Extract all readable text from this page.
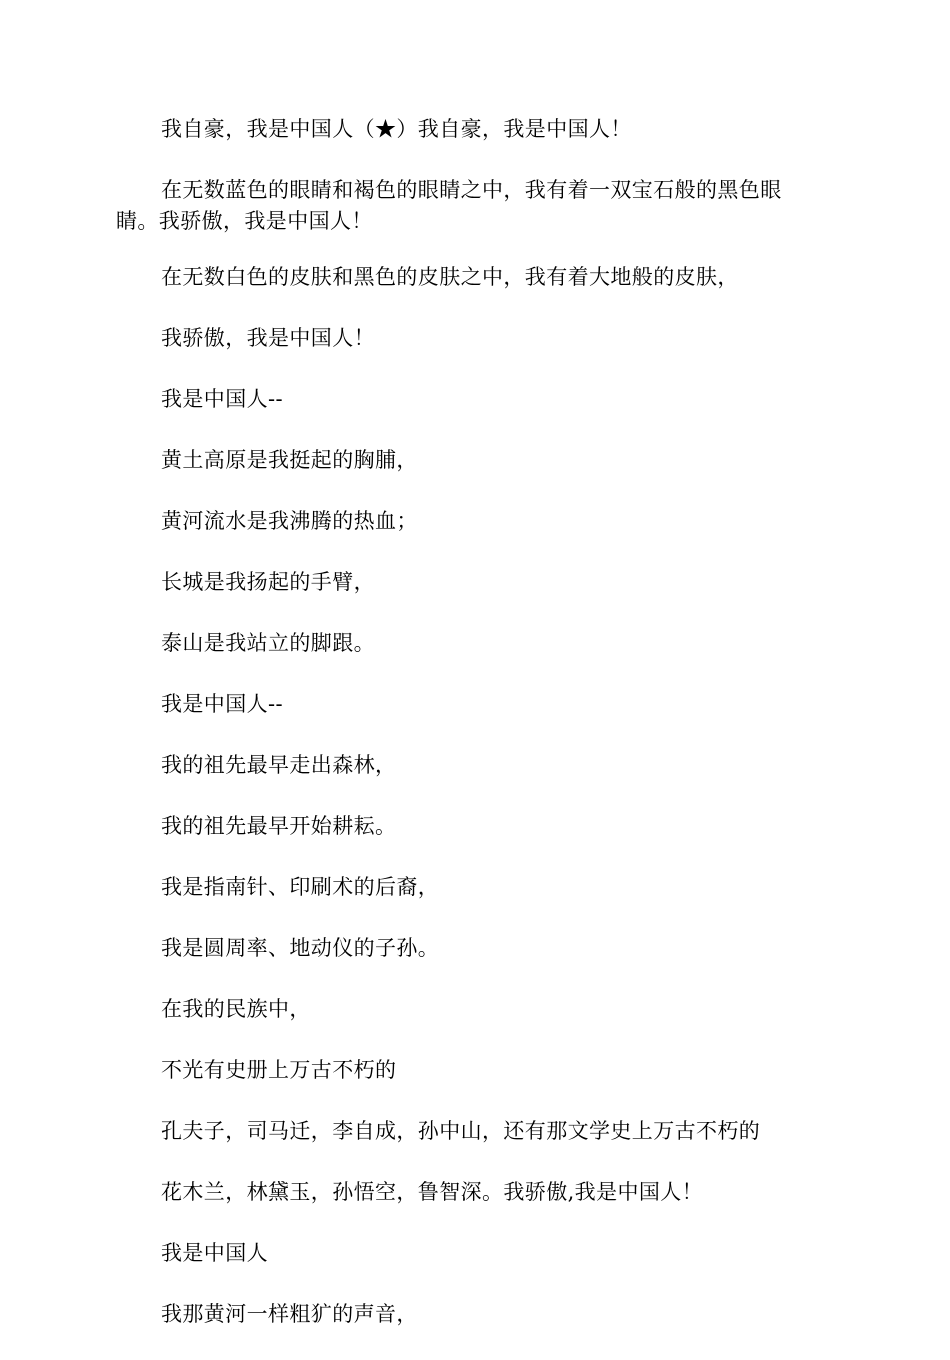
我自豪，我是中国人（★）我自豪，我是中国人！

在无数蓝色的眼睛和褐色的眼睛之中，我有着一双宝石般的黑色眼睛。我骄傲，我是中国人！

在无数白色的皮肤和黑色的皮肤之中，我有着大地般的皮肤，

我骄傲，我是中国人！

我是中国人--

黄土高原是我挺起的胸脯，

黄河流水是我沸腾的热血；

长城是我扬起的手臂，

泰山是我站立的脚跟。

我是中国人--

我的祖先最早走出森林，

我的祖先最早开始耕耘。

我是指南针、印刷术的后裔，

我是圆周率、地动仪的子孙。

在我的民族中，

不光有史册上万古不朽的

孔夫子，司马迁，李自成，孙中山，还有那文学史上万古不朽的

花木兰，林黛玉，孙悟空，鲁智深。我骄傲,我是中国人！

我是中国人

我那黄河一样粗犷的声音，
